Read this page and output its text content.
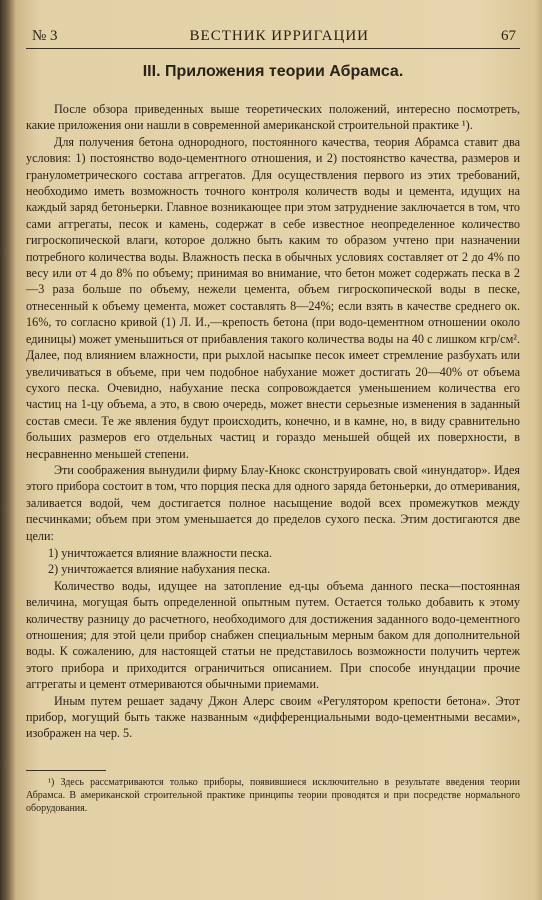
№ 3	ВЕСТНИК ИРРИГАЦИИ	67
III. Приложения теории Абрамса.

После обзора приведенных выше теоретических положений, интересно посмотреть, какие приложения они нашли в современной американской строительной практике ¹).

Для получения бетона однородного, постоянного качества, теория Абрамса ставит два условия: 1) постоянство водо-цементного отношения, и 2) постоянство качества, размеров и гранулометрического состава аггрегатов. Для осуществления первого из этих требований, необходимо иметь возможность точного контроля количеств воды и цемента, идущих на каждый заряд бетоньерки. Главное возникающее при этом затруднение заключается в том, что сами аггрегаты, песок и камень, содержат в себе известное неопределенное количество гигроскопической влаги, которое должно быть каким то образом учтено при назначении потребного количества воды. Влажность песка в обычных условиях составляет от 2 до 4% по весу или от 4 до 8% по объему; принимая во внимание, что бетон может содержать песка в 2—3 раза больше по объему, нежели цемента, объем гигроскопической воды в песке, отнесенный к объему цемента, может составлять 8—24%; если взять в качестве среднего ок. 16%, то согласно кривой (1) Л. И.,—крепость бетона (при водо-цементном отношении около единицы) может уменьшиться от прибавления такого количества воды на 40 с лишком кгр/cм². Далее, под влиянием влажности, при рыхлой насыпке песок имеет стремление разбухать или увеличиваться в объеме, при чем подобное набухание может достигать 20—40% от объема сухого песка. Очевидно, набухание песка сопровождается уменьшением количества его частиц на 1-цу объема, а это, в свою очередь, может внести серьезные изменения в заданный состав смеси. Те же явления будут происходить, конечно, и в камне, но, в виду сравнительно больших размеров его отдельных частиц и гораздо меньшей общей их поверхности, в несравненно меньшей степени.

Эти соображения вынудили фирму Блау-Кнокс сконструировать свой «инундатор». Идея этого прибора состоит в том, что порция песка для одного заряда бетоньерки, до отмеривания, заливается водой, чем достигается полное насыщение водой всех промежутков между песчинками; объем при этом уменьшается до пределов сухого песка. Этим достигаются две цели:

1) уничтожается влияние влажности песка.
2) уничтожается влияние набухания песка.

Количество воды, идущее на затопление ед-цы объема данного песка—постоянная величина, могущая быть определенной опытным путем. Остается только добавить к этому количеству разницу до расчетного, необходимого для достижения заданного водо-цементного отношения; для этой цели прибор снабжен специальным мерным баком для дополнительной воды. К сожалению, для настоящей статьи не представилось возможности получить чертеж этого прибора и приходится ограничиться описанием. При способе инундации прочие аггрегаты и цемент отмериваются обычными приемами.

Иным путем решает задачу Джон Алерс своим «Регулятором крепости бетона». Этот прибор, могущий быть также названным «дифференциальными водо-цементными весами», изображен на чер. 5.

¹) Здесь рассматриваются только приборы, появившиеся исключительно в результате введения теории Абрамса. В американской строительной практике принципы теории проводятся и при посредстве нормального оборудования.
